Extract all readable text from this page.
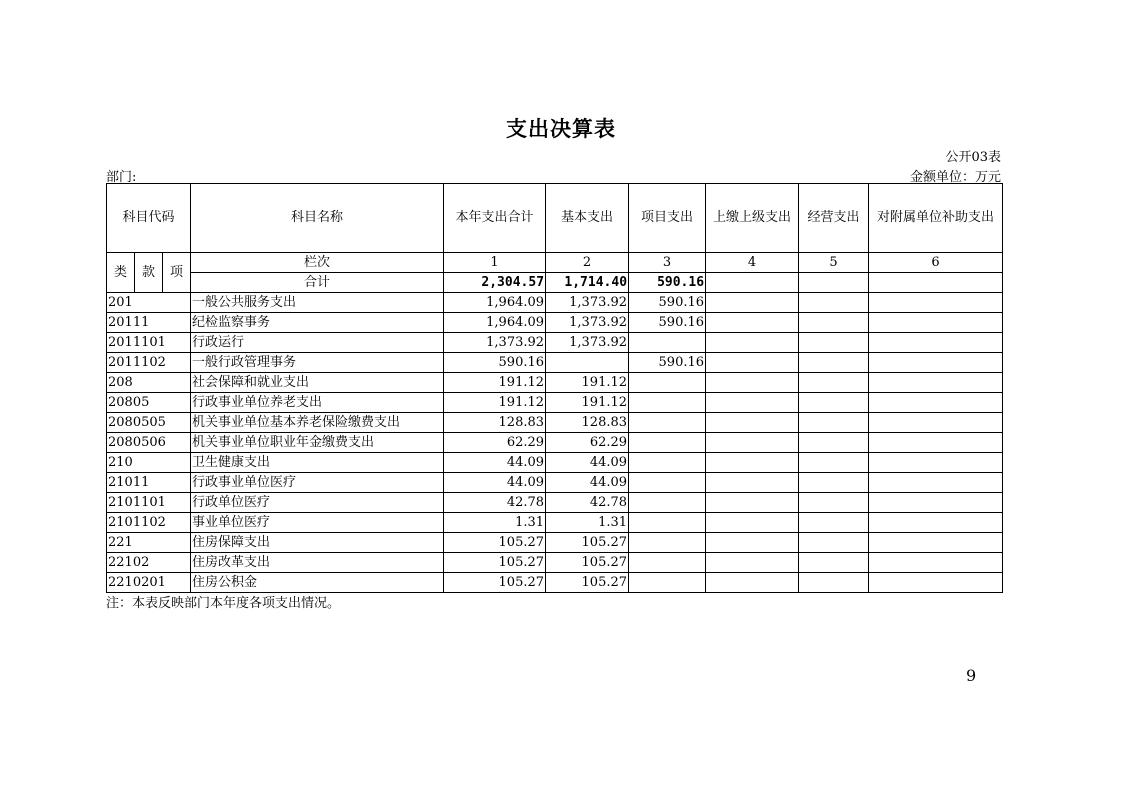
支出决算表
公开03表
部门:	金额单位：万元
科目代码			科目名称	本年支出合计	基本支出	项目支出	上缴上级支出	经营支出	对附属单位补助支出
类	款	项	栏次	1	2	3	4	5	6
			合计	2,304.57	1,714.40	590.16			
201			一般公共服务支出	1,964.09	1,373.92	590.16			
20111			纪检监察事务	1,964.09	1,373.92	590.16			
2011101			行政运行	1,373.92	1,373.92				
2011102			一般行政管理事务	590.16		590.16			
208			社会保障和就业支出	191.12	191.12				
20805			行政事业单位养老支出	191.12	191.12				
2080505			机关事业单位基本养老保险缴费支出	128.83	128.83				
2080506			机关事业单位职业年金缴费支出	62.29	62.29				
210			卫生健康支出	44.09	44.09				
21011			行政事业单位医疗	44.09	44.09				
2101101			行政单位医疗	42.78	42.78				
2101102			事业单位医疗	1.31	1.31				
221			住房保障支出	105.27	105.27				
22102			住房改革支出	105.27	105.27				
2210201			住房公积金	105.27	105.27				
注：本表反映部门本年度各项支出情况。
9
